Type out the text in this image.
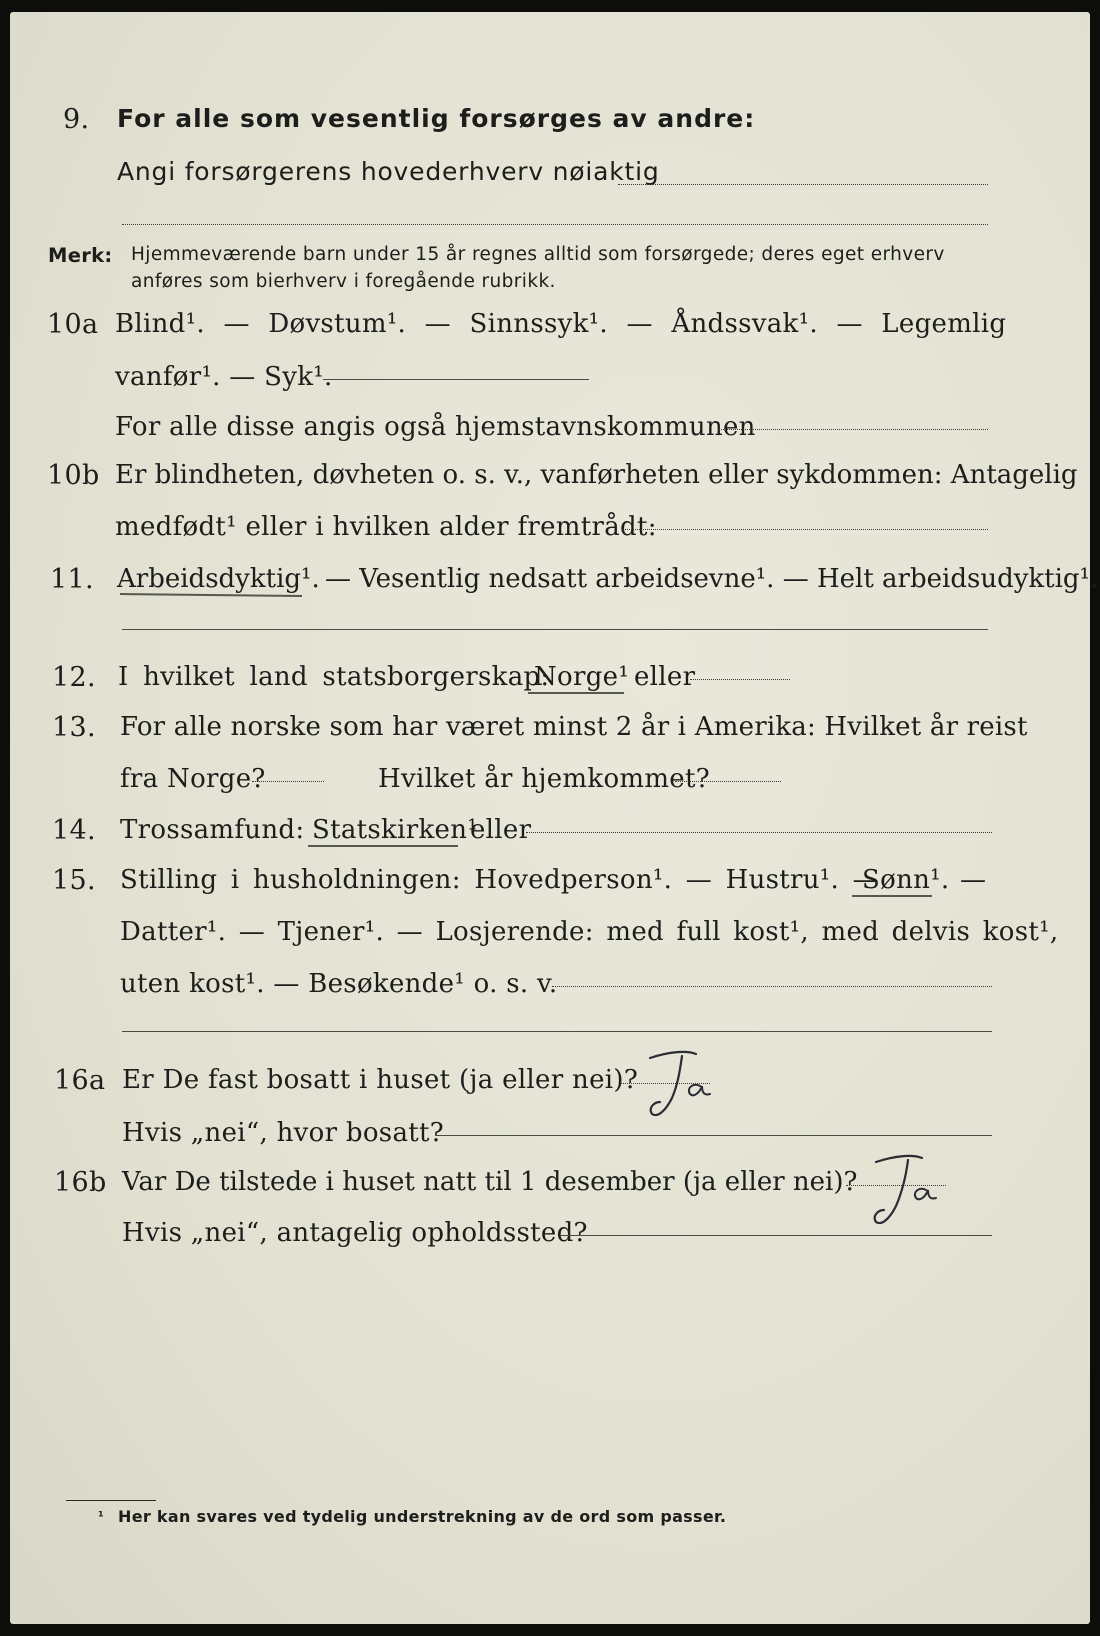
9. For alle som vesentlig forsørges av andre:
Angi forsørgerens hovederhverv nøiaktig
Merk: Hjemmeværende barn under 15 år regnes alltid som forsørgede; deres eget erhverv
anføres som bierhverv i foregående rubrikk.
10a Blind¹. — Døvstum¹. — Sinnssyk¹. — Åndssvak¹. — Legemlig
vanfør¹. — Syk¹.
For alle disse angis også hjemstavnskommunen
10b Er blindheten, døvheten o. s. v., vanførheten eller sykdommen: Antagelig
medfødt¹ eller i hvilken alder fremtrådt:
11. Arbeidsdyktig¹. — Vesentlig nedsatt arbeidsevne¹. — Helt arbeidsudyktig¹.
12. I hvilket land statsborgerskap:
Norge¹ eller
13. For alle norske som har været minst 2 år i Amerika: Hvilket år reist
fra Norge?	Hvilket år hjemkommet?
14. Trossamfund: Statskirken¹
eller
15. Stilling i husholdningen: Hovedperson¹. — Hustru¹. —
Sønn¹. —
Datter¹. — Tjener¹. — Losjerende: med full kost¹, med delvis kost¹,
uten kost¹. — Besøkende¹ o. s. v.
16a Er De fast bosatt i huset (ja eller nei)?
Ja
Hvis „nei“, hvor bosatt?
16b Var De tilstede i huset natt til 1 desember (ja eller nei)?
Ja
Hvis „nei“, antagelig opholdssted?
¹ Her kan svares ved tydelig understrekning av de ord som passer.
